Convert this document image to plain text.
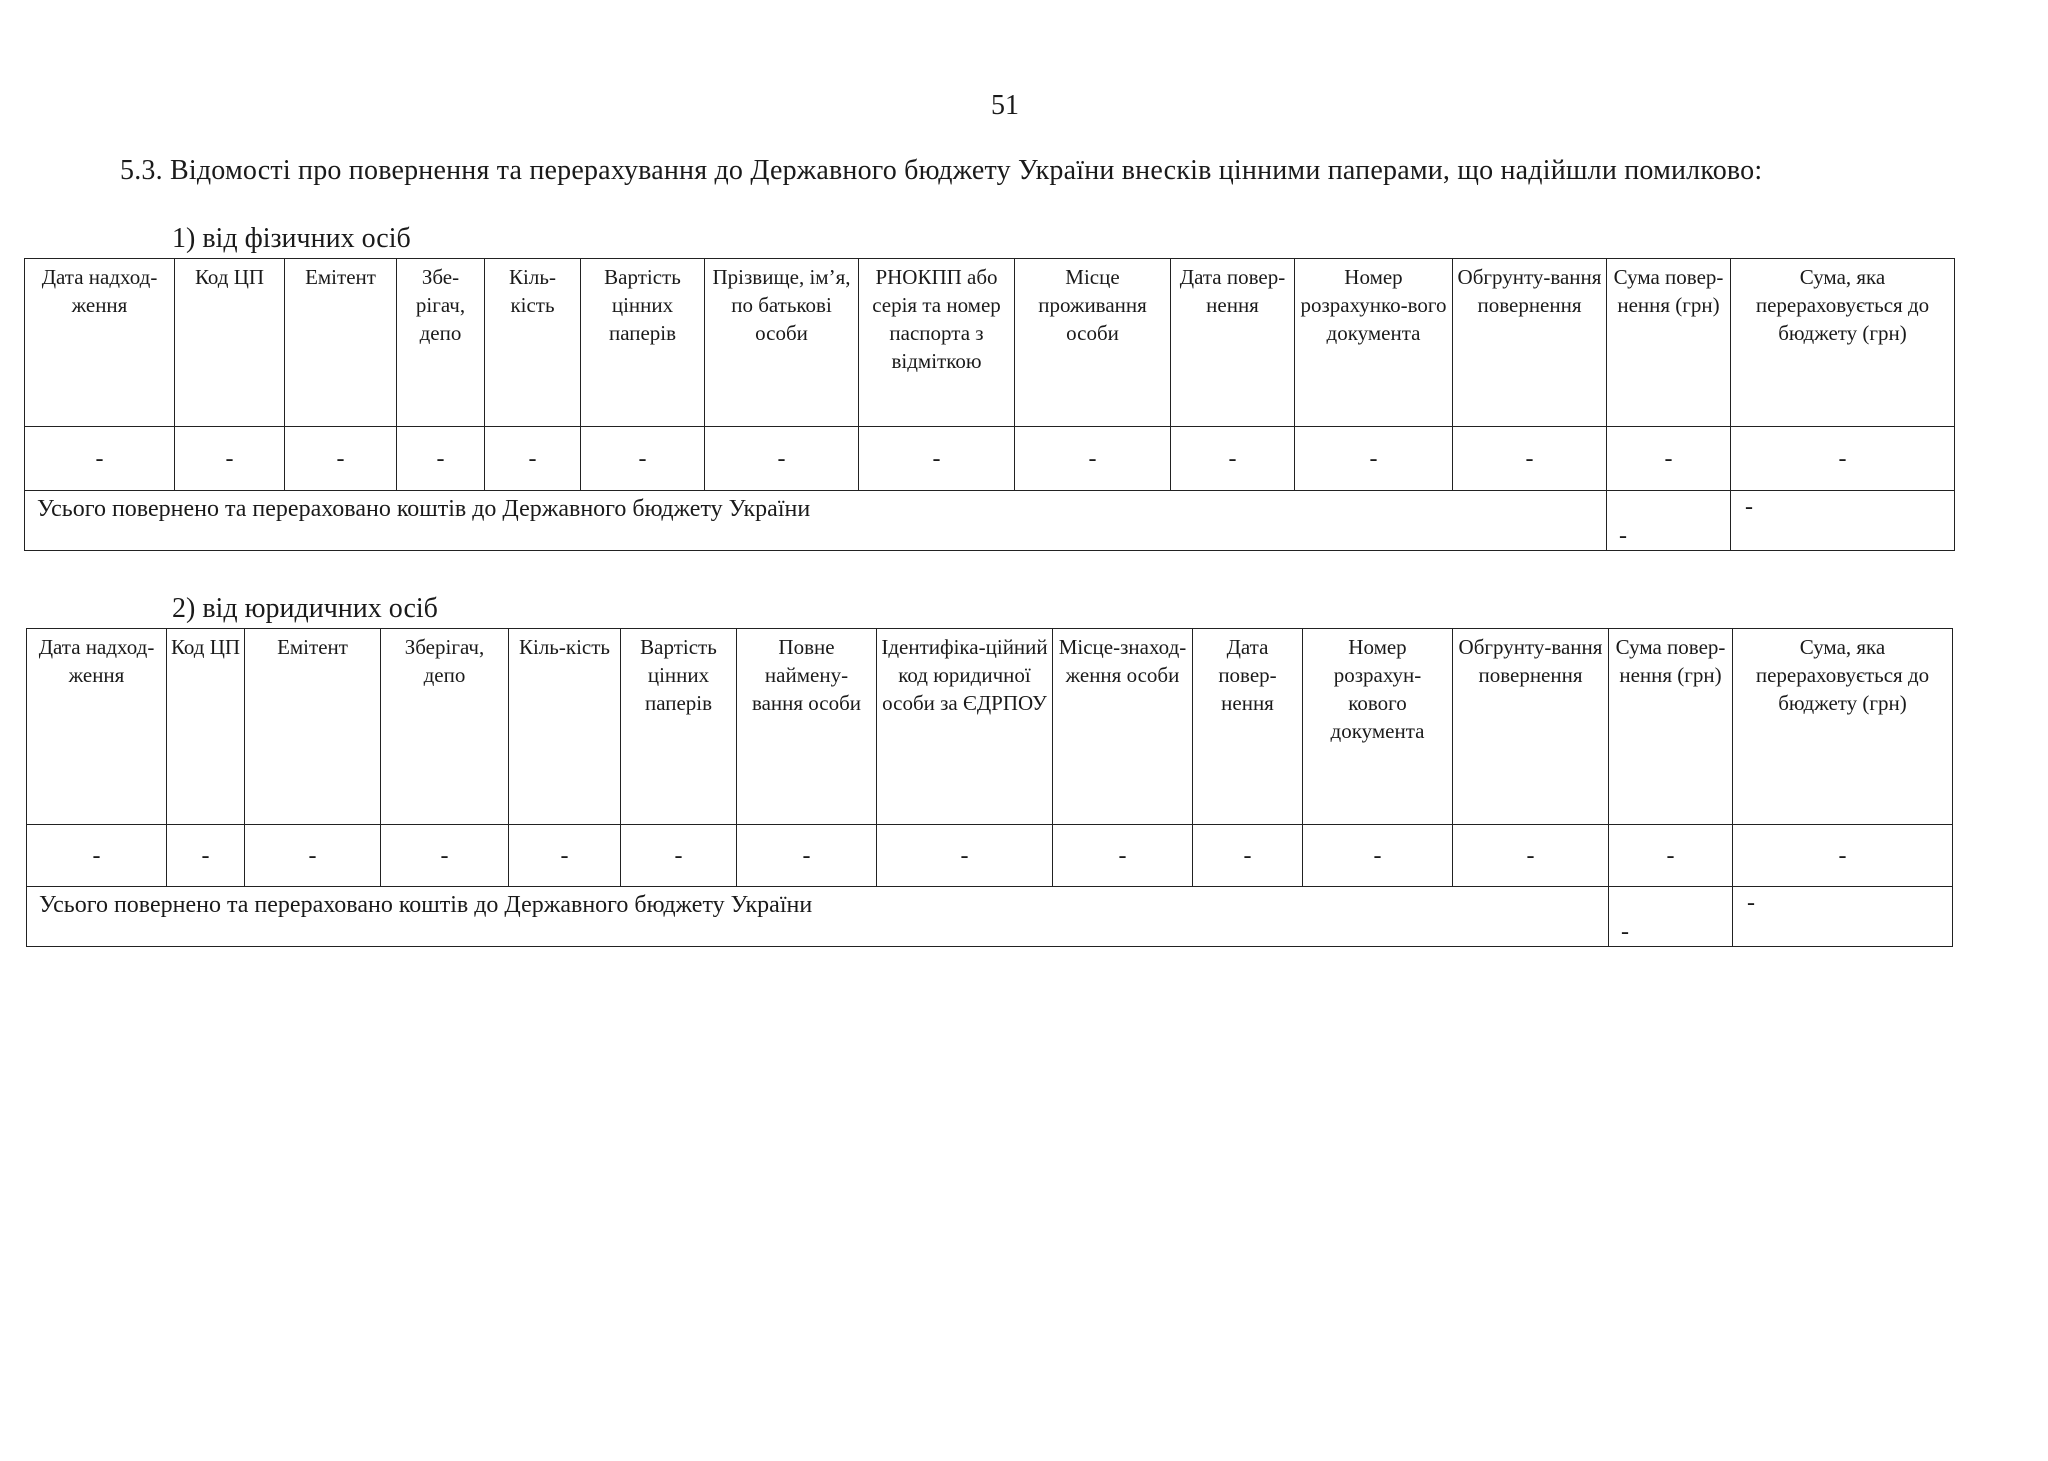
51
5.3. Відомості про повернення та перерахування до Державного бюджету України внесків цінними паперами, що надійшли помилково:
1) від фізичних осіб
Дата надход-ження	Код ЦП	Емітент	Збе-рігач, депо	Кіль-кість	Вартість цінних паперів	Прізвище, ім’я, по батькові особи	РНОКПП або серія та номер паспорта з відміткою	Місце проживання особи	Дата повер-нення	Номер розрахунко-вого документа	Обгрунту-вання повернення	Сума повер-нення (грн)	Сума, яка перераховується до бюджету (грн)
-	-	-	-	-	-	-	-	-	-	-	-	-	-
Усього повернено та перераховано коштів до Державного бюджету України												-	-
2) від юридичних осіб
Дата надход-ження	Код ЦП	Емітент	Зберігач, депо	Кіль-кість	Вартість цінних паперів	Повне наймену-вання особи	Ідентифіка-ційний код юридичної особи за ЄДРПОУ	Місце-знаход-ження особи	Дата повер-нення	Номер розрахун-кового документа	Обгрунту-вання повернення	Сума повер-нення (грн)	Сума, яка перераховується до бюджету (грн)
-	-	-	-	-	-	-	-	-	-	-	-	-	-
Усього повернено та перераховано коштів до Державного бюджету України												-	-
